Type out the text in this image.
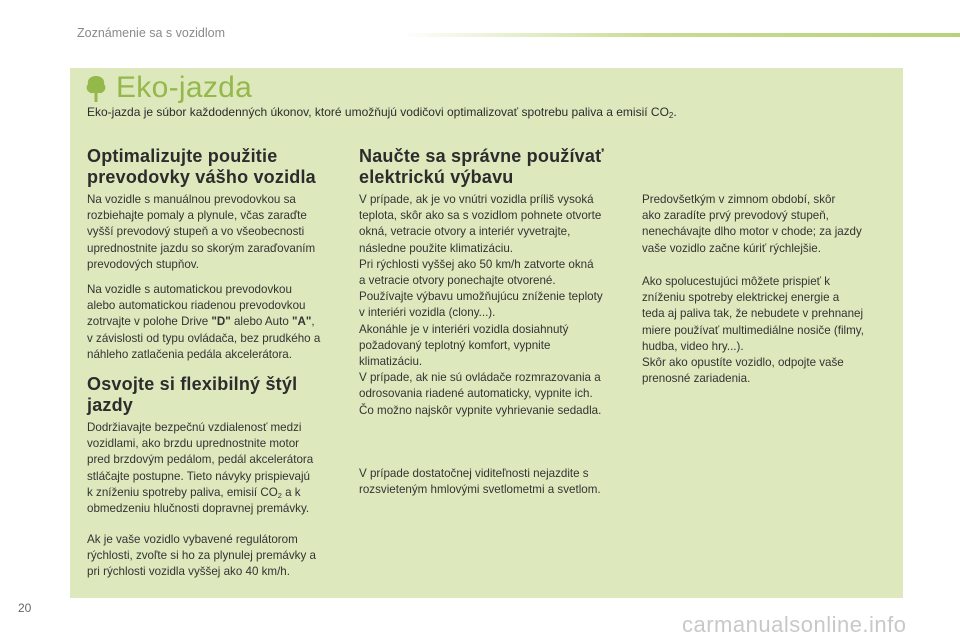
Zoznámenie sa s vozidlom
Eko-jazda
Eko-jazda je súbor každodenných úkonov, ktoré umožňujú vodičovi optimalizovať spotrebu paliva a emisií $CO_2$.
Optimalizujte použitie
prevodovky vášho vozidla
Na vozidle s manuálnou prevodovkou sa
rozbiehajte pomaly a plynule, včas zaraďte
vyšší prevodový stupeň a vo všeobecnosti
uprednostnite jazdu so skorým zaraďovaním
prevodových stupňov.
Na vozidle s automatickou prevodovkou
alebo automatickou riadenou prevodovkou
zotrvajte v polohe Drive "D" alebo Auto "A",
v závislosti od typu ovládača, bez prudkého a
náhleho zatlačenia pedála akcelerátora.
Osvojte si flexibilný štýl
jazdy
Dodržiavajte bezpečnú vzdialenosť medzi
vozidlami, ako brzdu uprednostnite motor
pred brzdovým pedálom, pedál akcelerátora
stláčajte postupne. Tieto návyky prispievajú
k zníženiu spotreby paliva, emisií $CO_2$ a k
obmedzeniu hlučnosti dopravnej premávky.
Ak je vaše vozidlo vybavené regulátorom
rýchlosti, zvoľte si ho za plynulej premávky a
pri rýchlosti vozidla vyššej ako 40 km/h.
Naučte sa správne používať
elektrickú výbavu
V prípade, ak je vo vnútri vozidla príliš vysoká
teplota, skôr ako sa s vozidlom pohnete otvorte
okná, vetracie otvory a interiér vyvetrajte,
následne použite klimatizáciu.
Pri rýchlosti vyššej ako 50 km/h zatvorte okná
a vetracie otvory ponechajte otvorené.
Používajte výbavu umožňujúcu zníženie teploty
v interiéri vozidla (clony...).
Akonáhle je v interiéri vozidla dosiahnutý
požadovaný teplotný komfort, vypnite
klimatizáciu.
V prípade, ak nie sú ovládače rozmrazovania a
odrosovania riadené automaticky, vypnite ich.
Čo možno najskôr vypnite vyhrievanie sedadla.
V prípade dostatočnej viditeľnosti nejazdite s
rozsvieteným hmlovými svetlometmi a svetlom.
Predovšetkým v zimnom období, skôr
ako zaradíte prvý prevodový stupeň,
nenechávajte dlho motor v chode; za jazdy
vaše vozidlo začne kúriť rýchlejšie.
Ako spolucestujúci môžete prispieť k
zníženiu spotreby elektrickej energie a
teda aj paliva tak, že nebudete v prehnanej
miere používať multimediálne nosiče (filmy,
hudba, video hry...).
Skôr ako opustíte vozidlo, odpojte vaše
prenosné zariadenia.
20
carmanualsonline.info
